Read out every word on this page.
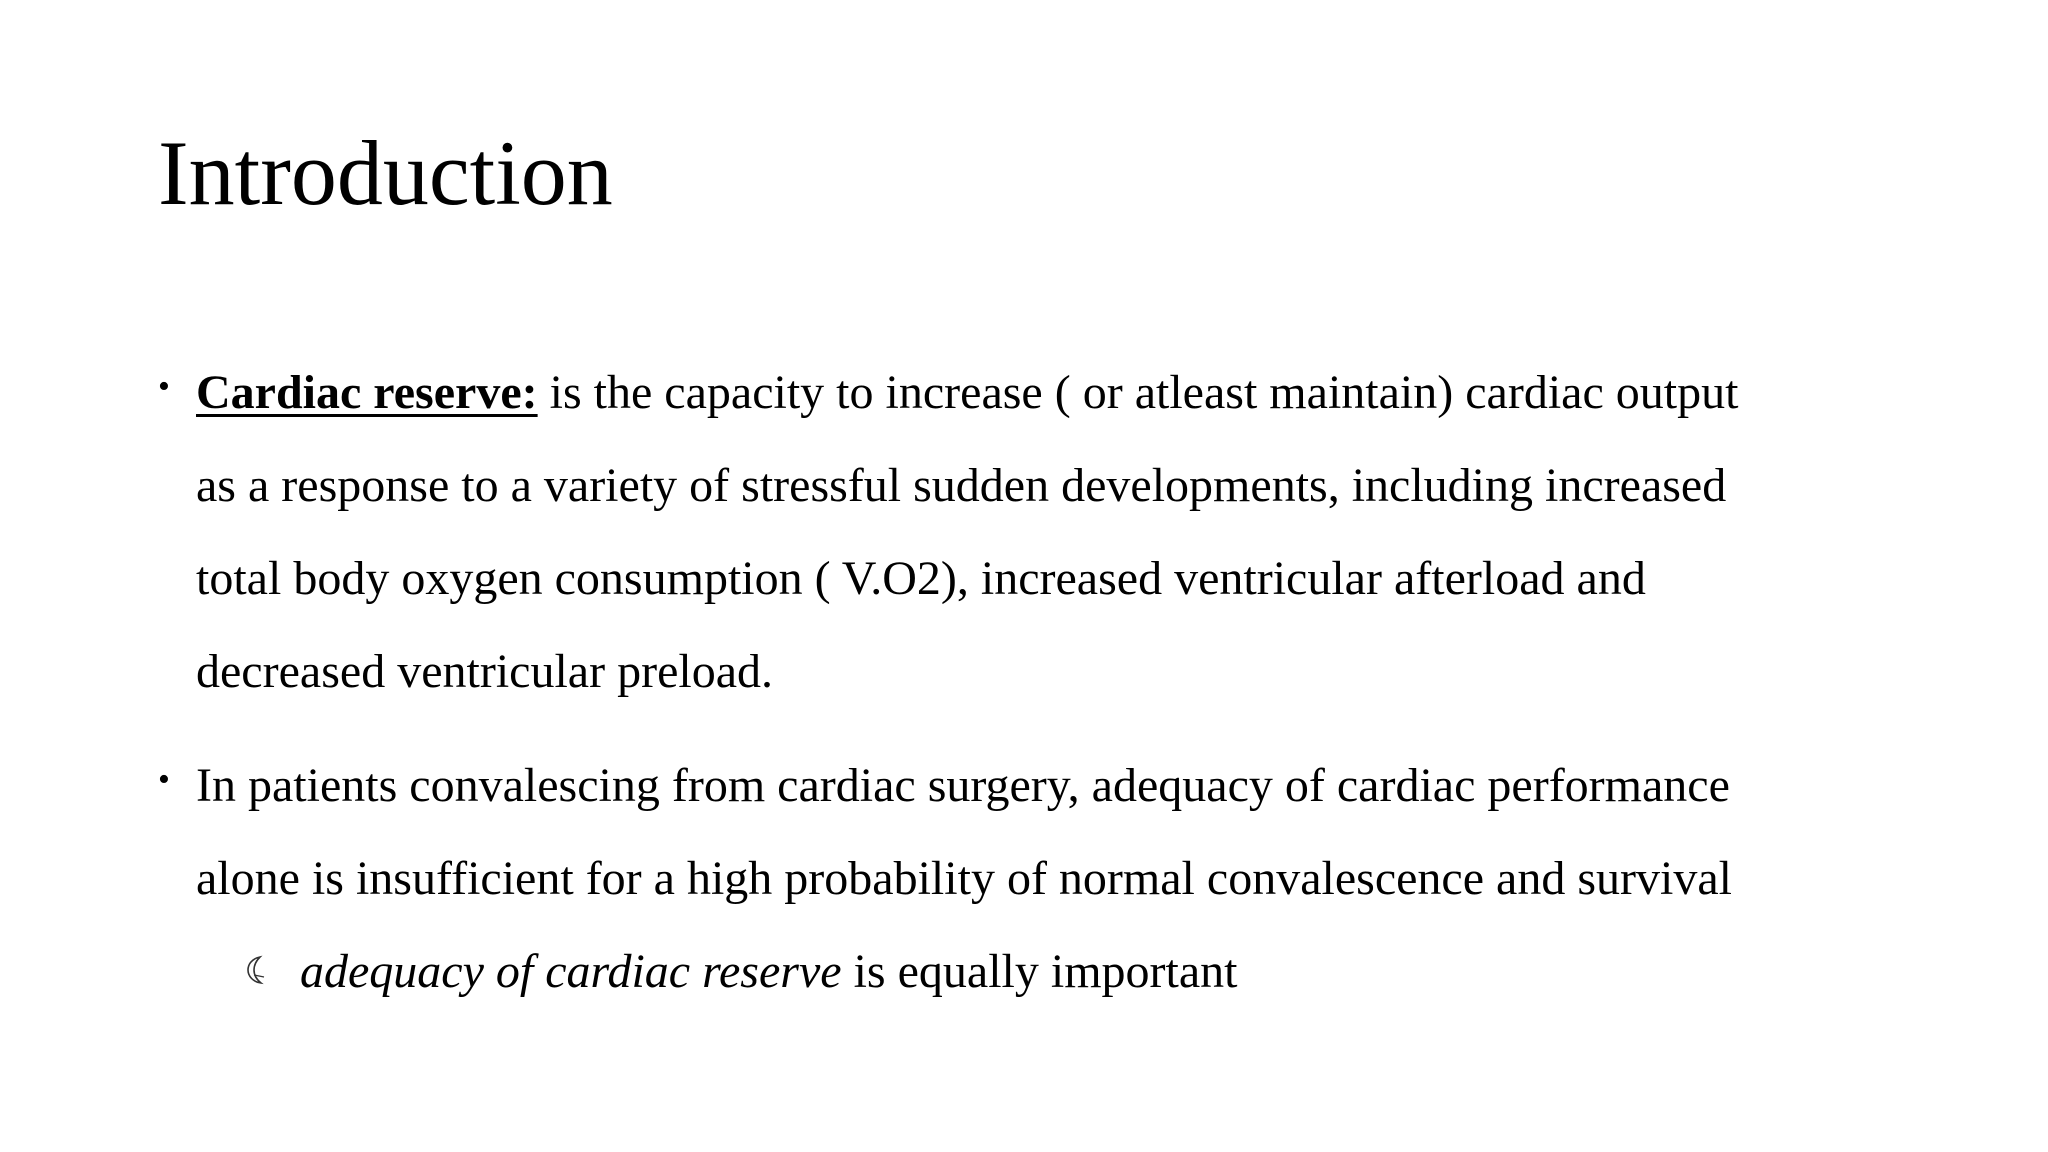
Introduction
• Cardiac reserve: is the capacity to increase ( or atleast maintain) cardiac output
as a response to a variety of stressful sudden developments, including increased
total body oxygen consumption ( V.O2), increased ventricular afterload and
decreased ventricular preload.
• In patients convalescing from cardiac surgery, adequacy of cardiac performance
alone is insufficient for a high probability of normal convalescence and survival
adequacy of cardiac reserve is equally important
